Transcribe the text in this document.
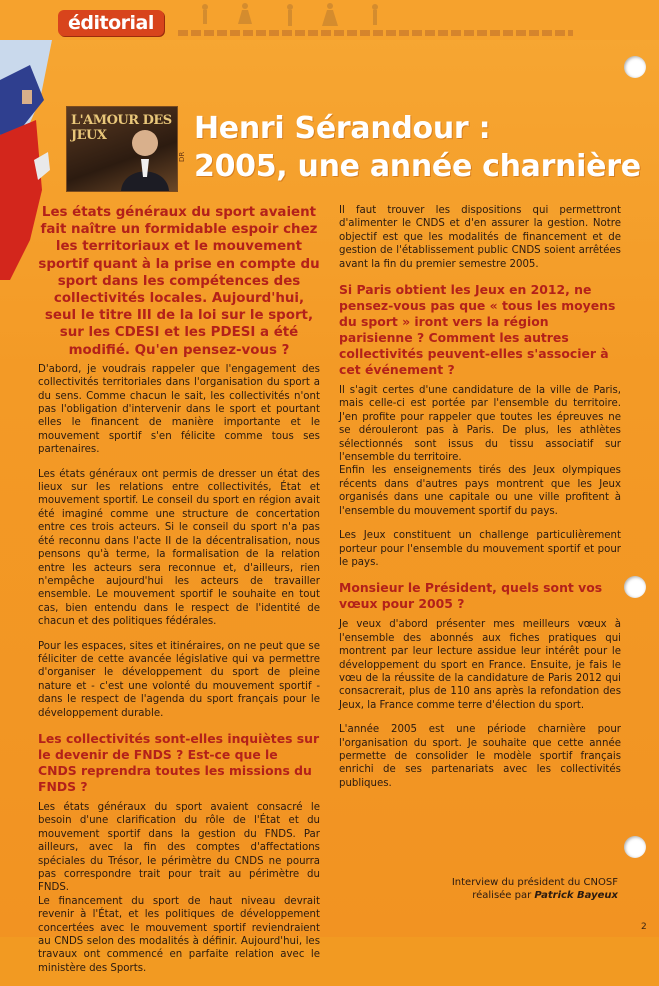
éditorial
L'AMOUR DES JEUX
DR
Henri Sérandour :
2005, une année charnière
Les états généraux du sport avaient fait naître un formidable espoir chez les territoriaux et le mouvement sportif quant à la prise en compte du sport dans les compétences des collectivités locales. Aujourd'hui, seul le titre III de la loi sur le sport, sur les CDESI et les PDESI a été modifié. Qu'en pensez-vous ?

D'abord, je voudrais rappeler que l'engagement des collectivités territoriales dans l'organisation du sport a du sens. Comme chacun le sait, les collectivités n'ont pas l'obligation d'intervenir dans le sport et pourtant elles le financent de manière importante et le mouvement sportif s'en félicite comme tous ses partenaires.

Les états généraux ont permis de dresser un état des lieux sur les relations entre collectivités, État et mouvement sportif. Le conseil du sport en région avait été imaginé comme une structure de concertation entre ces trois acteurs. Si le conseil du sport n'a pas été reconnu dans l'acte II de la décentralisation, nous pensons qu'à terme, la formalisation de la relation entre les acteurs sera reconnue et, d'ailleurs, rien n'empêche aujourd'hui les acteurs de travailler ensemble. Le mouvement sportif le souhaite en tout cas, bien entendu dans le respect de l'identité de chacun et des politiques fédérales.

Pour les espaces, sites et itinéraires, on ne peut que se féliciter de cette avancée législative qui va permettre d'organiser le développement du sport de pleine nature et - c'est une volonté du mouvement sportif - dans le respect de l'agenda du sport français pour le développement durable.

Les collectivités sont-elles inquiètes sur le devenir de FNDS ? Est-ce que le CNDS reprendra toutes les missions du FNDS ?

Les états généraux du sport avaient consacré le besoin d'une clarification du rôle de l'État et du mouvement sportif dans la gestion du FNDS. Par ailleurs, avec la fin des comptes d'affectations spéciales du Trésor, le périmètre du CNDS ne pourra pas correspondre trait pour trait au périmètre du FNDS.

Le financement du sport de haut niveau devrait revenir à l'État, et les politiques de développement concertées avec le mouvement sportif reviendraient au CNDS selon des modalités à définir. Aujourd'hui, les travaux ont commencé en parfaite relation avec le ministère des Sports.

Il faut trouver les dispositions qui permettront d'alimenter le CNDS et d'en assurer la gestion. Notre objectif est que les modalités de financement et de gestion de l'établissement public CNDS soient arrêtées avant la fin du premier semestre 2005.

Si Paris obtient les Jeux en 2012, ne pensez-vous pas que « tous les moyens du sport » iront vers la région parisienne ? Comment les autres collectivités peuvent-elles s'associer à cet événement ?

Il s'agit certes d'une candidature de la ville de Paris, mais celle-ci est portée par l'ensemble du territoire. J'en profite pour rappeler que toutes les épreuves ne se dérouleront pas à Paris. De plus, les athlètes sélectionnés sont issus du tissu associatif sur l'ensemble du territoire.

Enfin les enseignements tirés des Jeux olympiques récents dans d'autres pays montrent que les Jeux organisés dans une capitale ou une ville profitent à l'ensemble du mouvement sportif du pays.

Les Jeux constituent un challenge particulièrement porteur pour l'ensemble du mouvement sportif et pour le pays.

Monsieur le Président, quels sont vos vœux pour 2005 ?

Je veux d'abord présenter mes meilleurs vœux à l'ensemble des abonnés aux fiches pratiques qui montrent par leur lecture assidue leur intérêt pour le développement du sport en France. Ensuite, je fais le vœu de la réussite de la candidature de Paris 2012 qui consacrerait, plus de 110 ans après la refondation des Jeux, la France comme terre d'élection du sport.

L'année 2005 est une période charnière pour l'organisation du sport. Je souhaite que cette année permette de consolider le modèle sportif français enrichi de ses partenariats avec les collectivités publiques.

Interview du président du CNOSF
réalisée par Patrick Bayeux
2
